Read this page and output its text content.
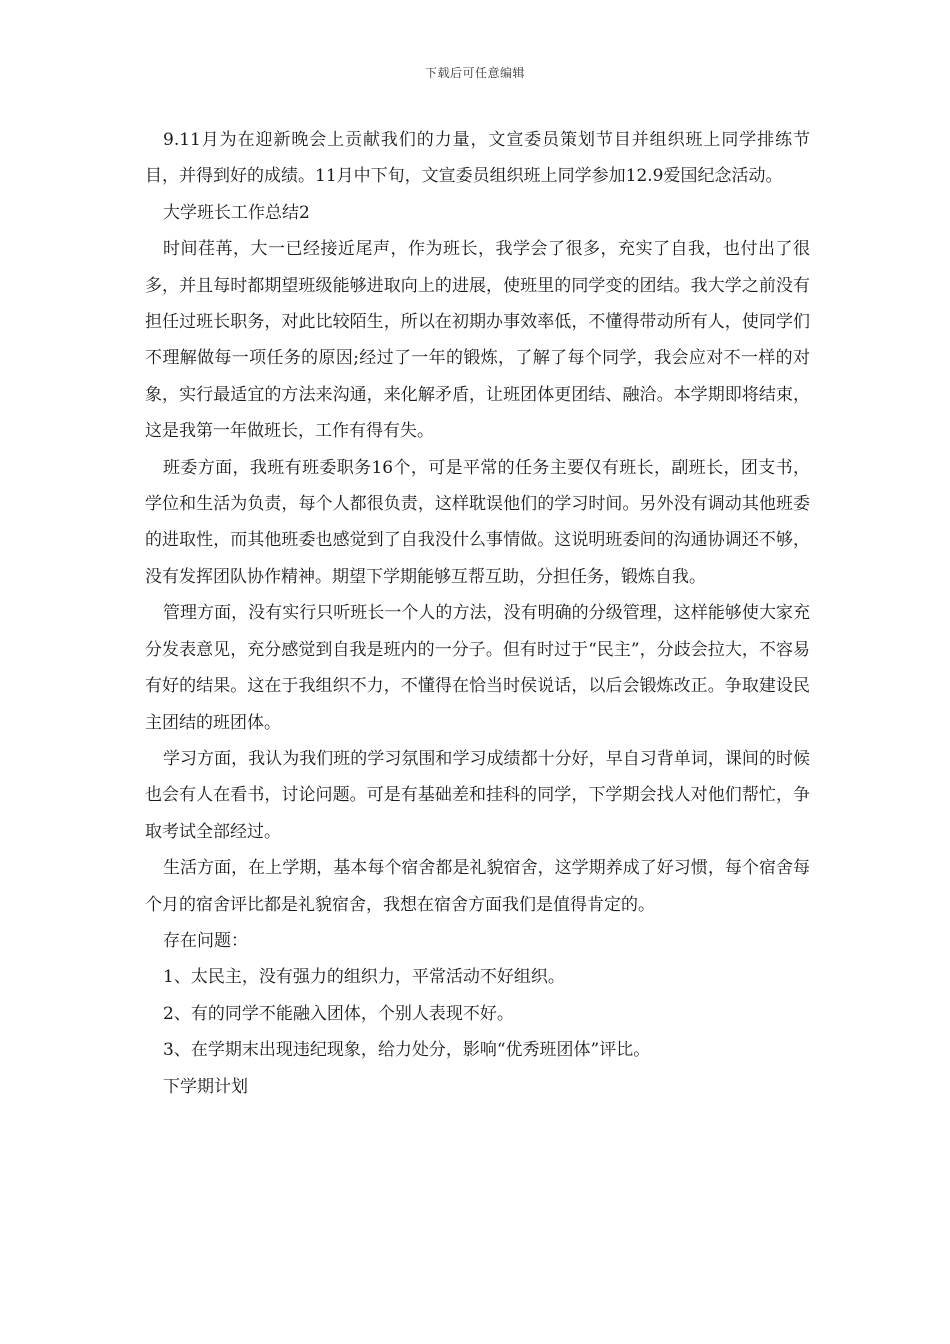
下载后可任意编辑

9.11月为在迎新晚会上贡献我们的力量，文宣委员策划节目并组织班上同学排练节目，并得到好的成绩。11月中下旬，文宣委员组织班上同学参加12.9爱国纪念活动。

大学班长工作总结2

时间荏苒，大一已经接近尾声，作为班长，我学会了很多，充实了自我，也付出了很多，并且每时都期望班级能够进取向上的进展，使班里的同学变的团结。我大学之前没有担任过班长职务，对此比较陌生，所以在初期办事效率低，不懂得带动所有人，使同学们不理解做每一项任务的原因;经过了一年的锻炼，了解了每个同学，我会应对不一样的对象，实行最适宜的方法来沟通，来化解矛盾，让班团体更团结、融洽。本学期即将结束，这是我第一年做班长，工作有得有失。

班委方面，我班有班委职务16个，可是平常的任务主要仅有班长，副班长，团支书，学位和生活为负责，每个人都很负责，这样耽误他们的学习时间。另外没有调动其他班委的进取性，而其他班委也感觉到了自我没什么事情做。这说明班委间的沟通协调还不够，没有发挥团队协作精神。期望下学期能够互帮互助，分担任务，锻炼自我。

管理方面，没有实行只听班长一个人的方法，没有明确的分级管理，这样能够使大家充分发表意见，充分感觉到自我是班内的一分子。但有时过于“民主”，分歧会拉大，不容易有好的结果。这在于我组织不力，不懂得在恰当时侯说话，以后会锻炼改正。争取建设民主团结的班团体。

学习方面，我认为我们班的学习氛围和学习成绩都十分好，早自习背单词，课间的时候也会有人在看书，讨论问题。可是有基础差和挂科的同学，下学期会找人对他们帮忙，争取考试全部经过。

生活方面，在上学期，基本每个宿舍都是礼貌宿舍，这学期养成了好习惯，每个宿舍每个月的宿舍评比都是礼貌宿舍，我想在宿舍方面我们是值得肯定的。

存在问题：

1、太民主，没有强力的组织力，平常活动不好组织。

2、有的同学不能融入团体，个别人表现不好。

3、在学期末出现违纪现象，给力处分，影响“优秀班团体”评比。

下学期计划
